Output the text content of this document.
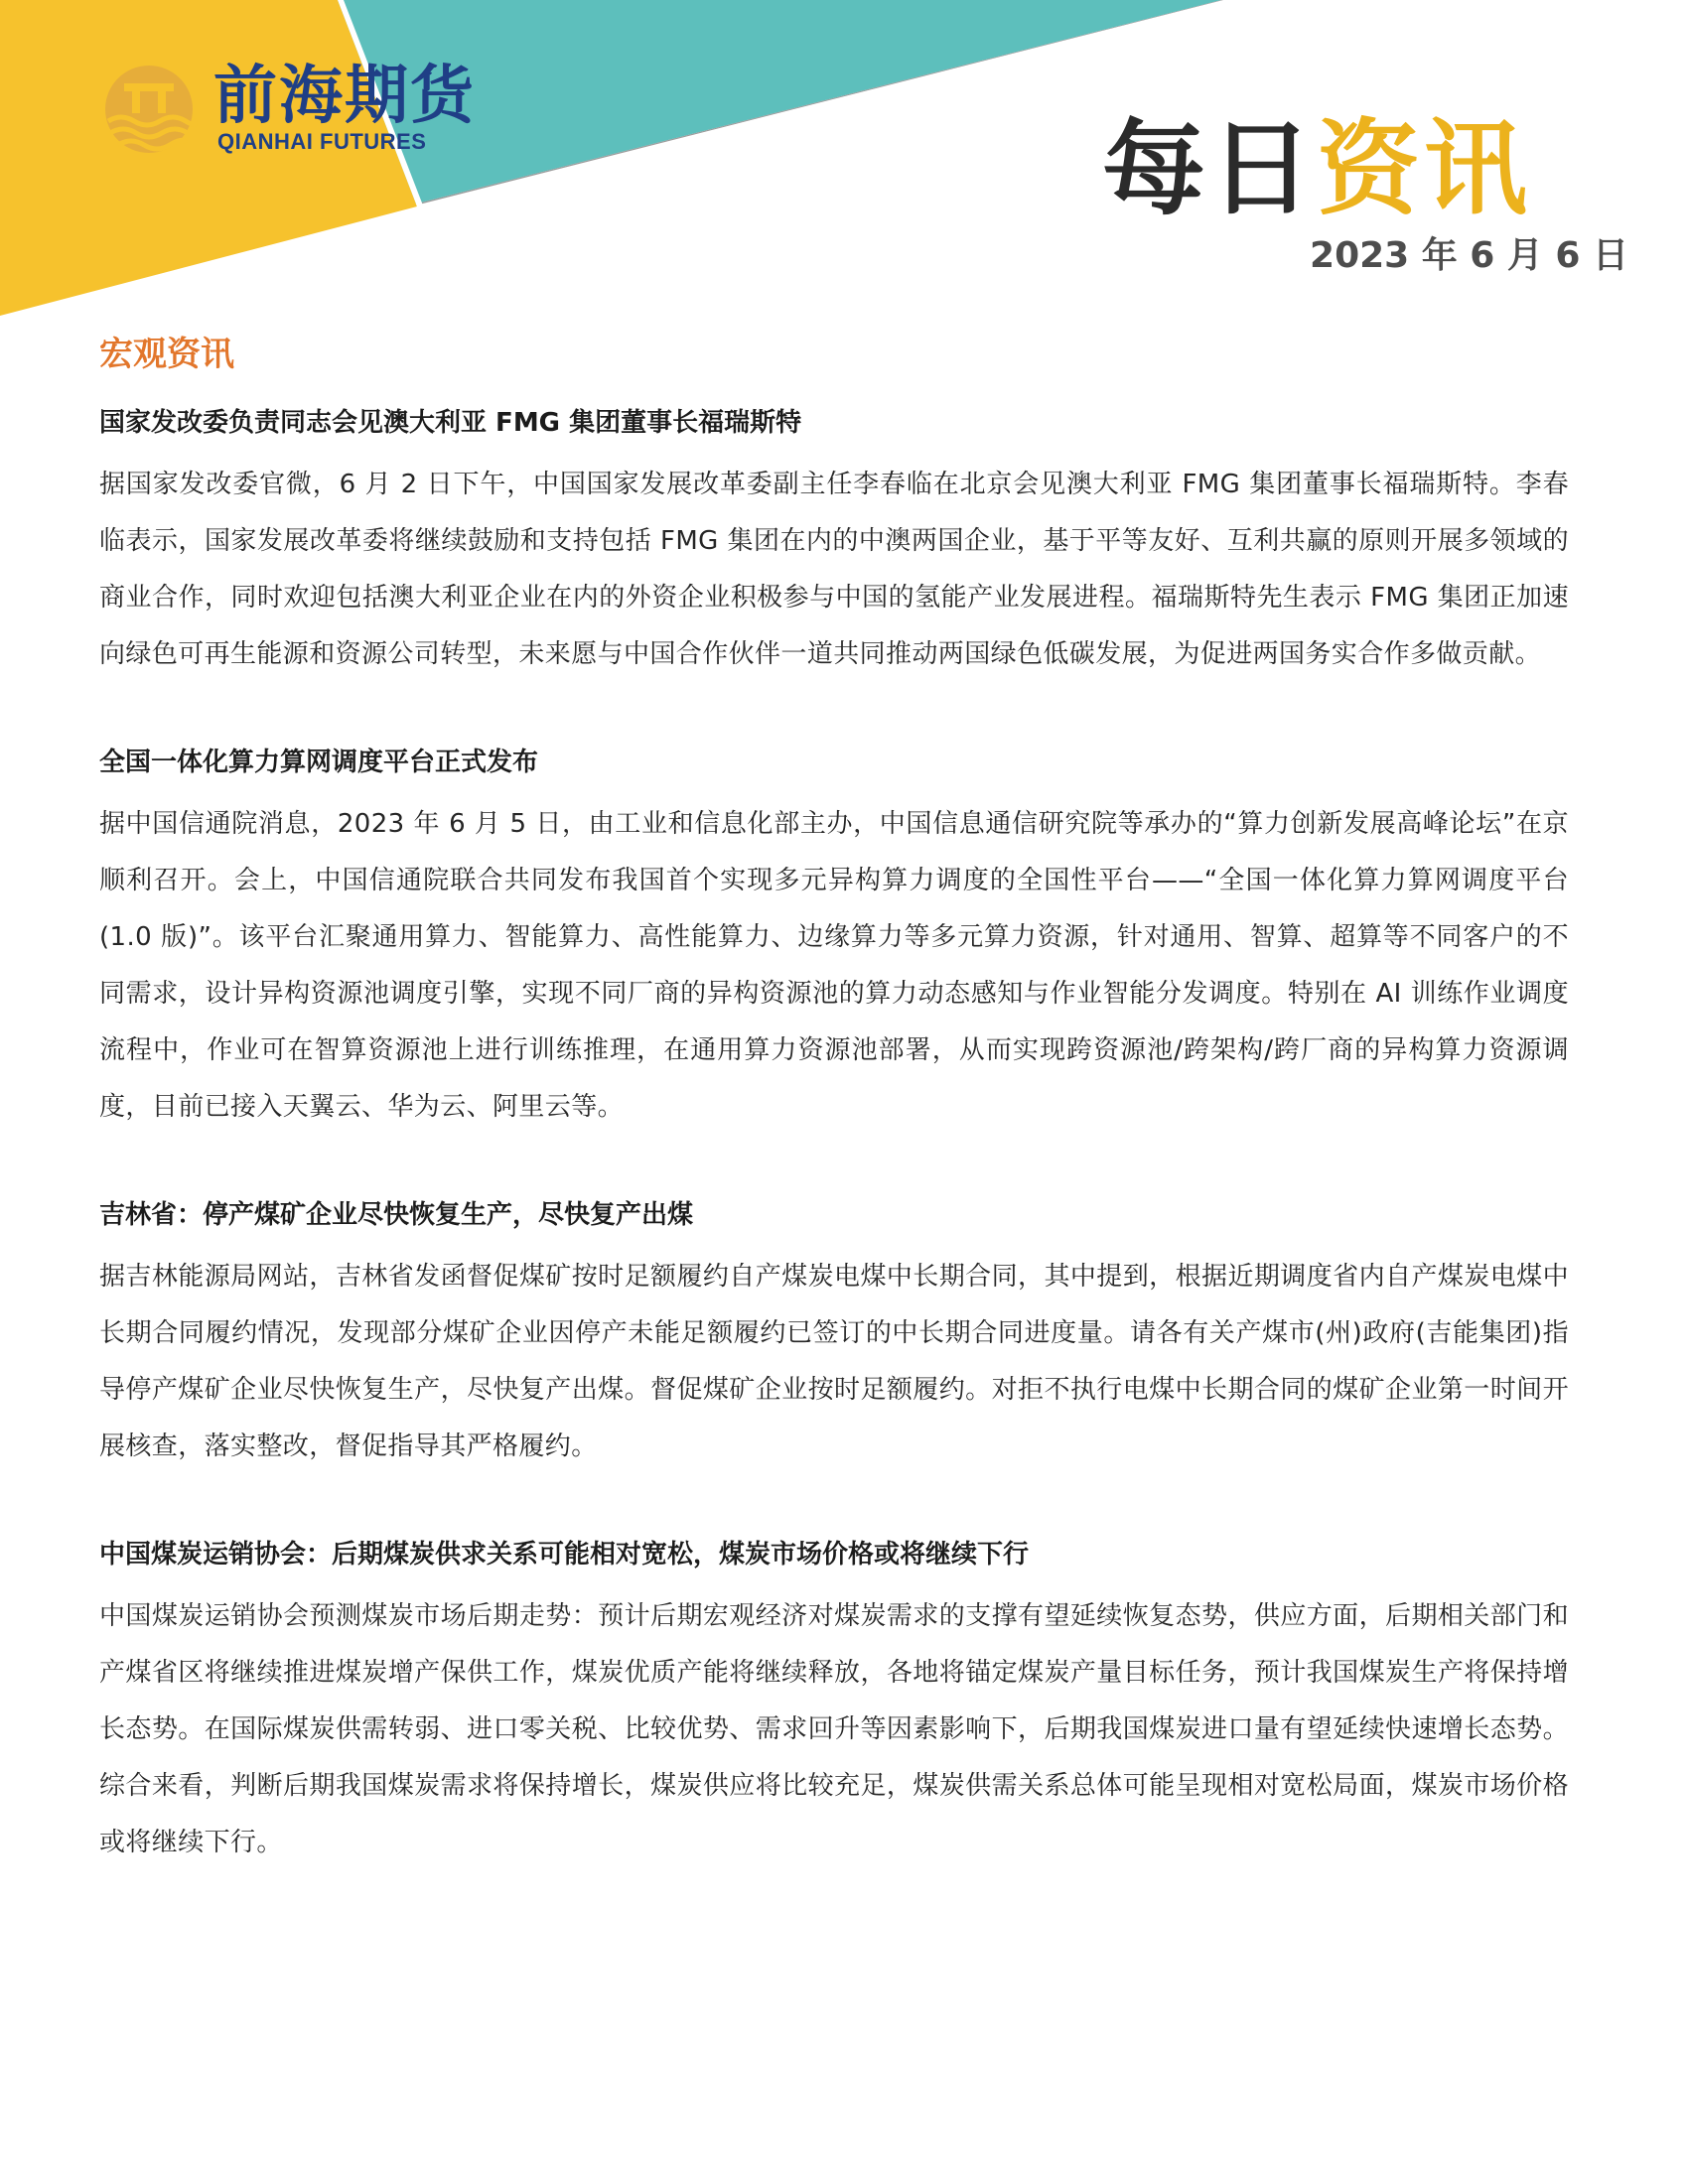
前海期货
QIANHAI FUTURES	每日资讯
2023 年 6 月 6 日
宏观资讯
国家发改委负责同志会见澳大利亚 FMG 集团董事长福瑞斯特

据国家发改委官微，6 月 2 日下午，中国国家发展改革委副主任李春临在北京会见澳大利亚 FMG 集团董事长福瑞斯特。李春临表示，国家发展改革委将继续鼓励和支持包括 FMG 集团在内的中澳两国企业，基于平等友好、互利共赢的原则开展多领域的商业合作，同时欢迎包括澳大利亚企业在内的外资企业积极参与中国的氢能产业发展进程。福瑞斯特先生表示 FMG 集团正加速向绿色可再生能源和资源公司转型，未来愿与中国合作伙伴一道共同推动两国绿色低碳发展，为促进两国务实合作多做贡献。

全国一体化算力算网调度平台正式发布

据中国信通院消息，2023 年 6 月 5 日，由工业和信息化部主办，中国信息通信研究院等承办的“算力创新发展高峰论坛”在京顺利召开。会上，中国信通院联合共同发布我国首个实现多元异构算力调度的全国性平台——“全国一体化算力算网调度平台(1.0 版)”。该平台汇聚通用算力、智能算力、高性能算力、边缘算力等多元算力资源，针对通用、智算、超算等不同客户的不同需求，设计异构资源池调度引擎，实现不同厂商的异构资源池的算力动态感知与作业智能分发调度。特别在 AI 训练作业调度流程中，作业可在智算资源池上进行训练推理，在通用算力资源池部署，从而实现跨资源池/跨架构/跨厂商的异构算力资源调度，目前已接入天翼云、华为云、阿里云等。

吉林省：停产煤矿企业尽快恢复生产，尽快复产出煤

据吉林能源局网站，吉林省发函督促煤矿按时足额履约自产煤炭电煤中长期合同，其中提到，根据近期调度省内自产煤炭电煤中长期合同履约情况，发现部分煤矿企业因停产未能足额履约已签订的中长期合同进度量。请各有关产煤市(州)政府(吉能集团)指导停产煤矿企业尽快恢复生产，尽快复产出煤。督促煤矿企业按时足额履约。对拒不执行电煤中长期合同的煤矿企业第一时间开展核查，落实整改，督促指导其严格履约。

中国煤炭运销协会：后期煤炭供求关系可能相对宽松，煤炭市场价格或将继续下行

中国煤炭运销协会预测煤炭市场后期走势：预计后期宏观经济对煤炭需求的支撑有望延续恢复态势，供应方面，后期相关部门和产煤省区将继续推进煤炭增产保供工作，煤炭优质产能将继续释放，各地将锚定煤炭产量目标任务，预计我国煤炭生产将保持增长态势。在国际煤炭供需转弱、进口零关税、比较优势、需求回升等因素影响下，后期我国煤炭进口量有望延续快速增长态势。综合来看，判断后期我国煤炭需求将保持增长，煤炭供应将比较充足，煤炭供需关系总体可能呈现相对宽松局面，煤炭市场价格或将继续下行。
